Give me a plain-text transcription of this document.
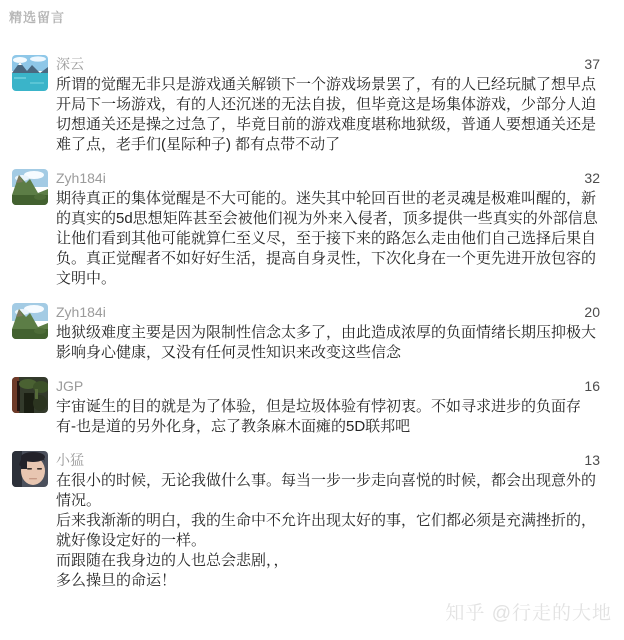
精选留言
深云	37

所谓的觉醒无非只是游戏通关解锁下一个游戏场景罢了，有的人已经玩腻了想早点开局下一场游戏，有的人还沉迷的无法自拔，但毕竟这是场集体游戏，少部分人迫切想通关还是操之过急了，毕竟目前的游戏难度堪称地狱级，普通人要想通关还是难了点，老手们(星际种子) 都有点带不动了

Zyh184i	32

期待真正的集体觉醒是不大可能的。迷失其中轮回百世的老灵魂是极难叫醒的，新的真实的5d思想矩阵甚至会被他们视为外来入侵者，顶多提供一些真实的外部信息让他们看到其他可能就算仁至义尽，至于接下来的路怎么走由他们自己选择后果自负。真正觉醒者不如好好生活，提高自身灵性，下次化身在一个更先进开放包容的文明中。

Zyh184i	20

地狱级难度主要是因为限制性信念太多了，由此造成浓厚的负面情绪长期压抑极大影响身心健康，又没有任何灵性知识来改变这些信念

JGP	16

宇宙诞生的目的就是为了体验，但是垃圾体验有悖初衷。不如寻求进步的负面存有-也是道的另外化身，忘了教条麻木面瘫的5D联邦吧

小猛	13

在很小的时候，无论我做什么事。每当一步一步走向喜悦的时候，都会出现意外的情况。

后来我渐渐的明白，我的生命中不允许出现太好的事，它们都必须是充满挫折的，就好像设定好的一样。

而跟随在我身边的人也总会悲剧，，

多么操旦的命运！

知乎 @行走的大地
